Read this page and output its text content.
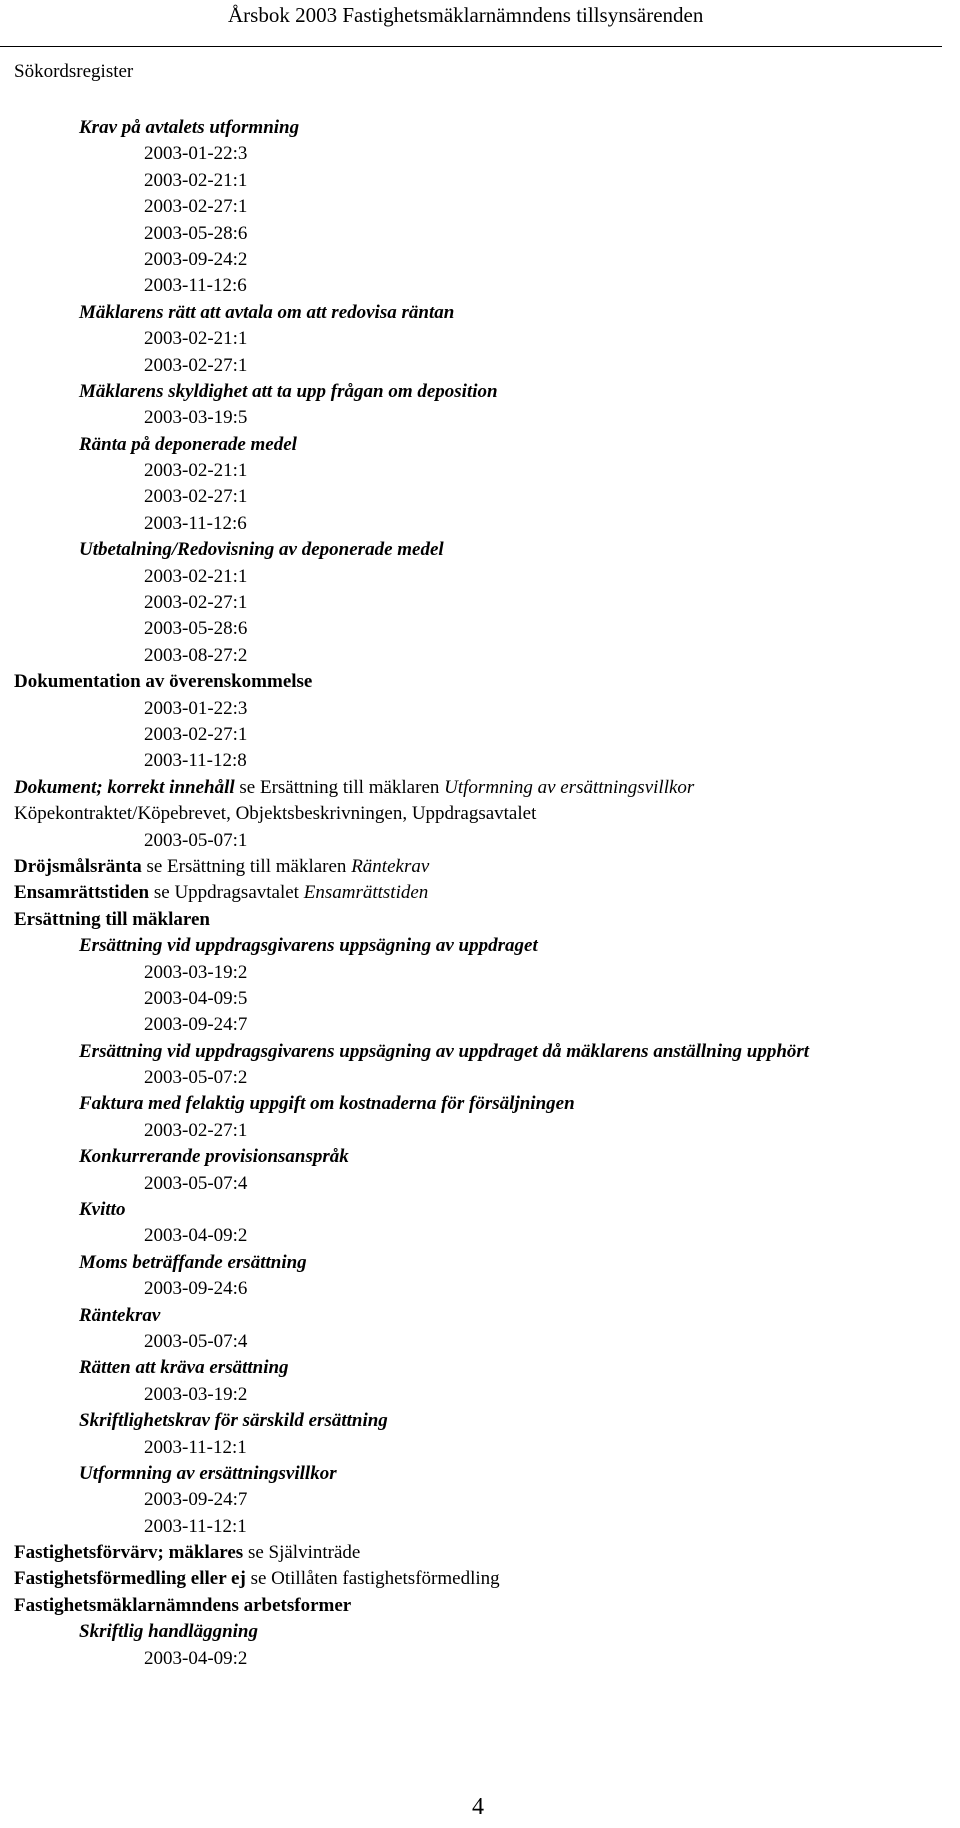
Årsbok 2003 Fastighetsmäklarnämndens tillsynsärenden
Sökordsregister
Krav på avtalets utformning
2003-01-22:3
2003-02-21:1
2003-02-27:1
2003-05-28:6
2003-09-24:2
2003-11-12:6
Mäklarens rätt att avtala om att redovisa räntan
2003-02-21:1
2003-02-27:1
Mäklarens skyldighet att ta upp frågan om deposition
2003-03-19:5
Ränta på deponerade medel
2003-02-21:1
2003-02-27:1
2003-11-12:6
Utbetalning/Redovisning av deponerade medel
2003-02-21:1
2003-02-27:1
2003-05-28:6
2003-08-27:2
Dokumentation av överenskommelse
2003-01-22:3
2003-02-27:1
2003-11-12:8
Dokument; korrekt innehåll se Ersättning till mäklaren Utformning av ersättningsvillkor
Köpekontraktet/Köpebrevet, Objektsbeskrivningen, Uppdragsavtalet
2003-05-07:1
Dröjsmålsränta se Ersättning till mäklaren Räntekrav
Ensamrättstiden se Uppdragsavtalet Ensamrättstiden
Ersättning till mäklaren
Ersättning vid uppdragsgivarens uppsägning av uppdraget
2003-03-19:2
2003-04-09:5
2003-09-24:7
Ersättning vid uppdragsgivarens uppsägning av uppdraget då mäklarens anställning upphört
2003-05-07:2
Faktura med felaktig uppgift om kostnaderna för försäljningen
2003-02-27:1
Konkurrerande provisionsanspråk
2003-05-07:4
Kvitto
2003-04-09:2
Moms beträffande ersättning
2003-09-24:6
Räntekrav
2003-05-07:4
Rätten att kräva ersättning
2003-03-19:2
Skriftlighetskrav för särskild ersättning
2003-11-12:1
Utformning av ersättningsvillkor
2003-09-24:7
2003-11-12:1
Fastighetsförvärv; mäklares se Självinträde
Fastighetsförmedling eller ej se Otillåten fastighetsförmedling
Fastighetsmäklarnämndens arbetsformer
Skriftlig handläggning
2003-04-09:2
4
